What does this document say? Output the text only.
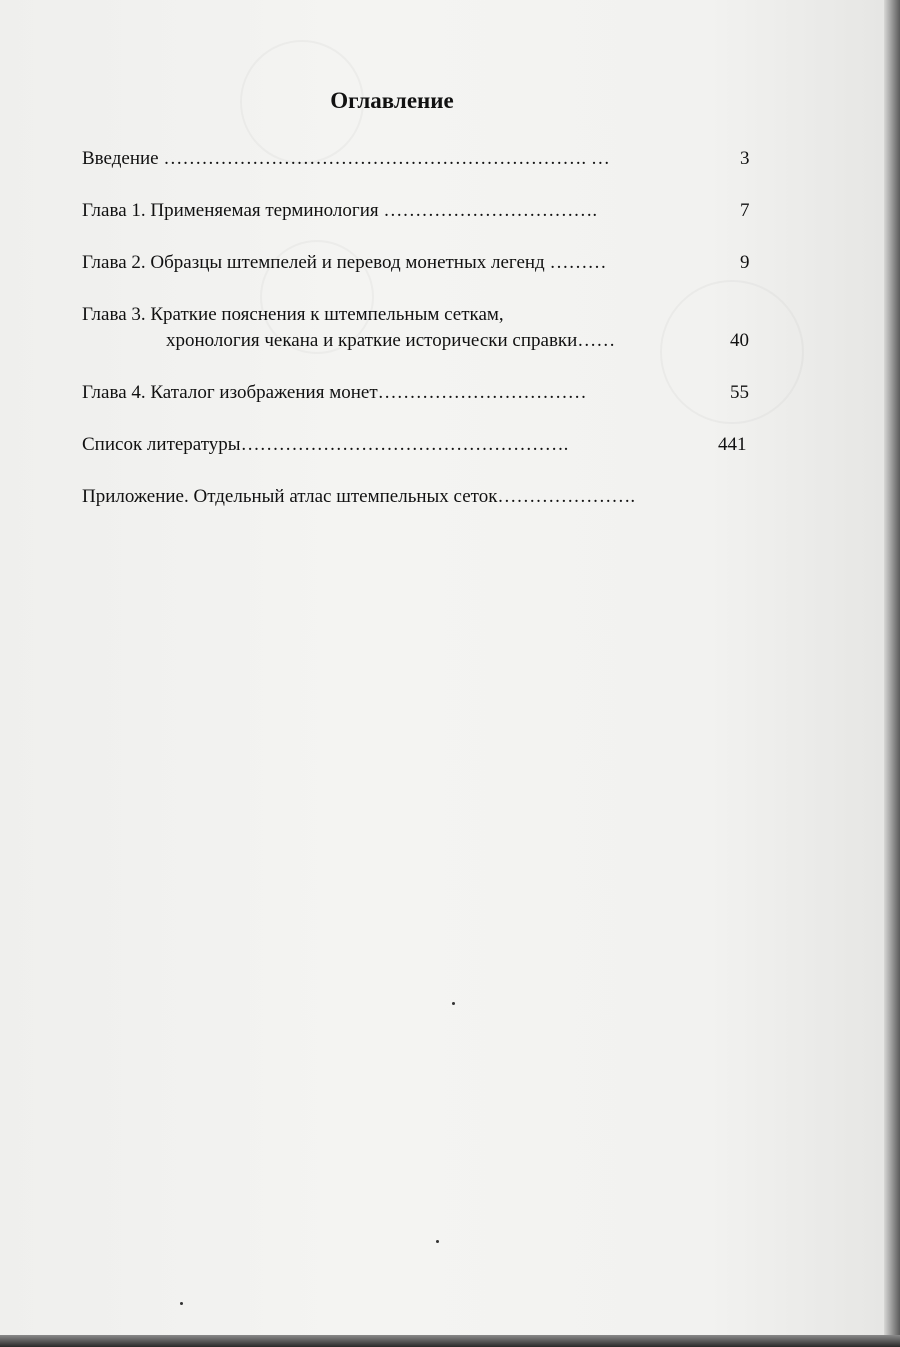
Оглавление
Введение …………………………………………………………. …	3
Глава 1. Применяемая терминология …………………………….	7
Глава 2. Образцы штемпелей и перевод монетных легенд ………	9
Глава 3. Краткие пояснения к штемпельным сеткам,
хронология чекана и краткие исторически справки……	40
Глава 4. Каталог изображения монет……………………………	55
Список литературы…………………………………………….	441
Приложение. Отдельный атлас штемпельных сеток………………….
